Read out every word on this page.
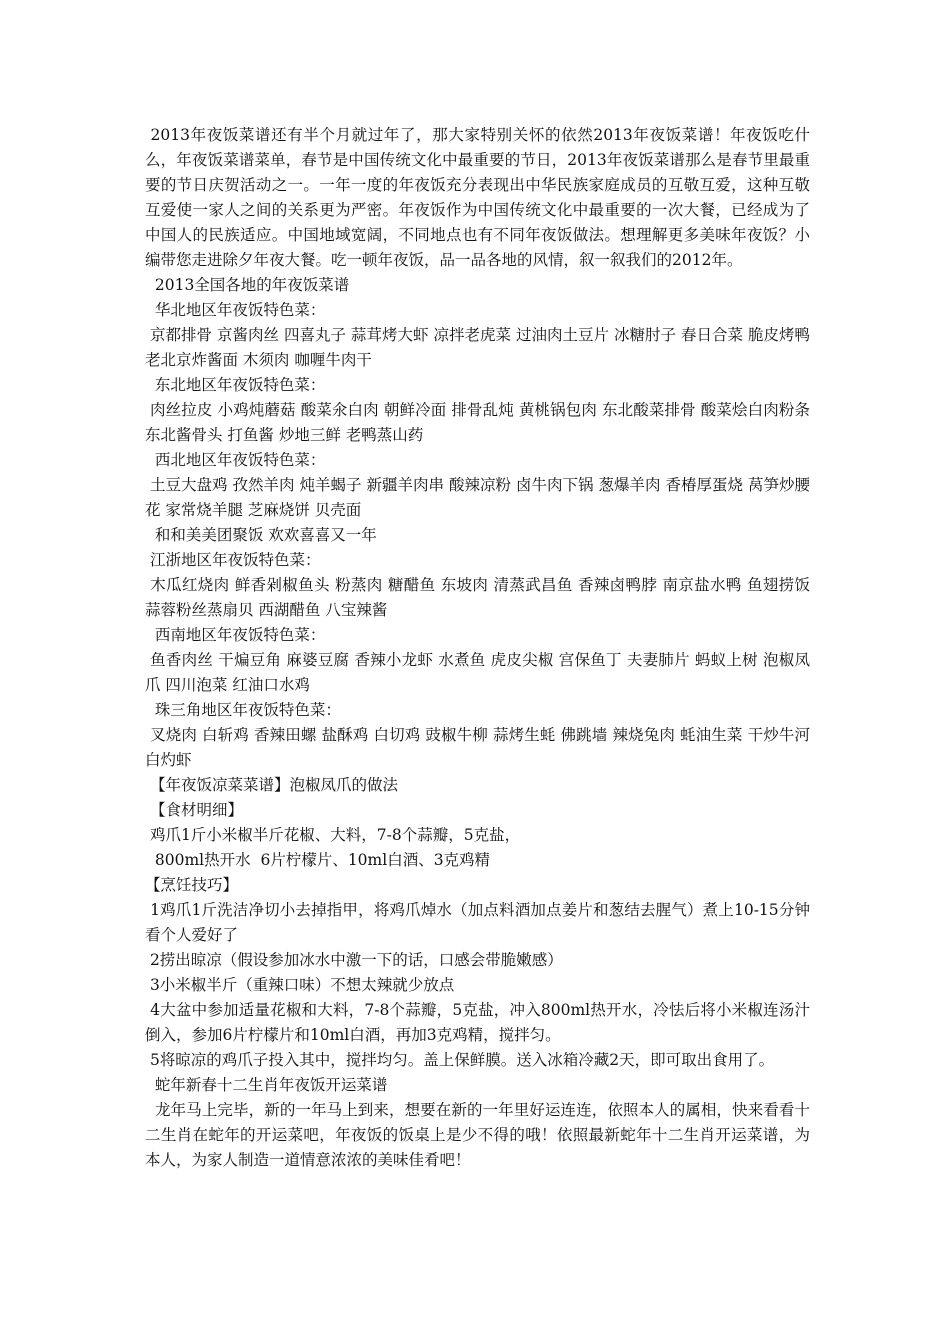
2013年夜饭菜谱还有半个月就过年了，那大家特别关怀的依然2013年夜饭菜谱！年夜饭吃什么，年夜饭菜谱菜单，春节是中国传统文化中最重要的节日，2013年夜饭菜谱那么是春节里最重要的节日庆贺活动之一。一年一度的年夜饭充分表现出中华民族家庭成员的互敬互爱，这种互敬互爱使一家人之间的关系更为严密。年夜饭作为中国传统文化中最重要的一次大餐，已经成为了中国人的民族适应。中国地域宽阔，不同地点也有不同年夜饭做法。想理解更多美味年夜饭？小编带您走进除夕年夜大餐。吃一顿年夜饭，品一品各地的风情，叙一叙我们的2012年。

2013全国各地的年夜饭菜谱

华北地区年夜饭特色菜：

京都排骨 京酱肉丝 四喜丸子 蒜茸烤大虾 凉拌老虎菜 过油肉土豆片 冰糖肘子 春日合菜 脆皮烤鸭 老北京炸酱面 木须肉 咖喱牛肉干

东北地区年夜饭特色菜：

肉丝拉皮 小鸡炖蘑菇 酸菜氽白肉 朝鲜冷面 排骨乱炖 黄桃锅包肉 东北酸菜排骨 酸菜烩白肉粉条 东北酱骨头 打鱼酱 炒地三鲜 老鸭蒸山药

西北地区年夜饭特色菜：

土豆大盘鸡 孜然羊肉 炖羊蝎子 新疆羊肉串 酸辣凉粉 卤牛肉下锅 葱爆羊肉 香椿厚蛋烧 莴笋炒腰花 家常烧羊腿 芝麻烧饼 贝壳面

和和美美团聚饭 欢欢喜喜又一年

江浙地区年夜饭特色菜：

木瓜红烧肉 鲜香剁椒鱼头 粉蒸肉 糖醋鱼 东坡肉 清蒸武昌鱼 香辣卤鸭脖 南京盐水鸭 鱼翅捞饭 蒜蓉粉丝蒸扇贝 西湖醋鱼 八宝辣酱

西南地区年夜饭特色菜：

鱼香肉丝 干煸豆角 麻婆豆腐 香辣小龙虾 水煮鱼 虎皮尖椒 宫保鱼丁 夫妻肺片 蚂蚁上树 泡椒凤爪 四川泡菜 红油口水鸡

珠三角地区年夜饭特色菜：

叉烧肉 白斩鸡 香辣田螺 盐酥鸡 白切鸡 豉椒牛柳 蒜烤生蚝 佛跳墙 辣烧兔肉 蚝油生菜 干炒牛河 白灼虾

【年夜饭凉菜菜谱】泡椒凤爪的做法

【食材明细】

鸡爪1斤小米椒半斤花椒、大料，7-8个蒜瓣，5克盐，

800ml热开水  6片柠檬片、10ml白酒、3克鸡精

【烹饪技巧】

1鸡爪1斤洗洁净切小去掉指甲，将鸡爪焯水（加点料酒加点姜片和葱结去腥气）煮上10-15分钟看个人爱好了

2捞出晾凉（假设参加冰水中激一下的话，口感会带脆嫩感）

3小米椒半斤（重辣口味）不想太辣就少放点

4大盆中参加适量花椒和大料，7-8个蒜瓣，5克盐，冲入800ml热开水，冷怯后将小米椒连汤汁倒入，参加6片柠檬片和10ml白酒，再加3克鸡精，搅拌匀。

5将晾凉的鸡爪子投入其中，搅拌均匀。盖上保鲜膜。送入冰箱冷藏2天，即可取出食用了。

蛇年新春十二生肖年夜饭开运菜谱

龙年马上完毕，新的一年马上到来，想要在新的一年里好运连连，依照本人的属相，快来看看十二生肖在蛇年的开运菜吧，年夜饭的饭桌上是少不得的哦！依照最新蛇年十二生肖开运菜谱，为本人，为家人制造一道情意浓浓的美味佳肴吧！
